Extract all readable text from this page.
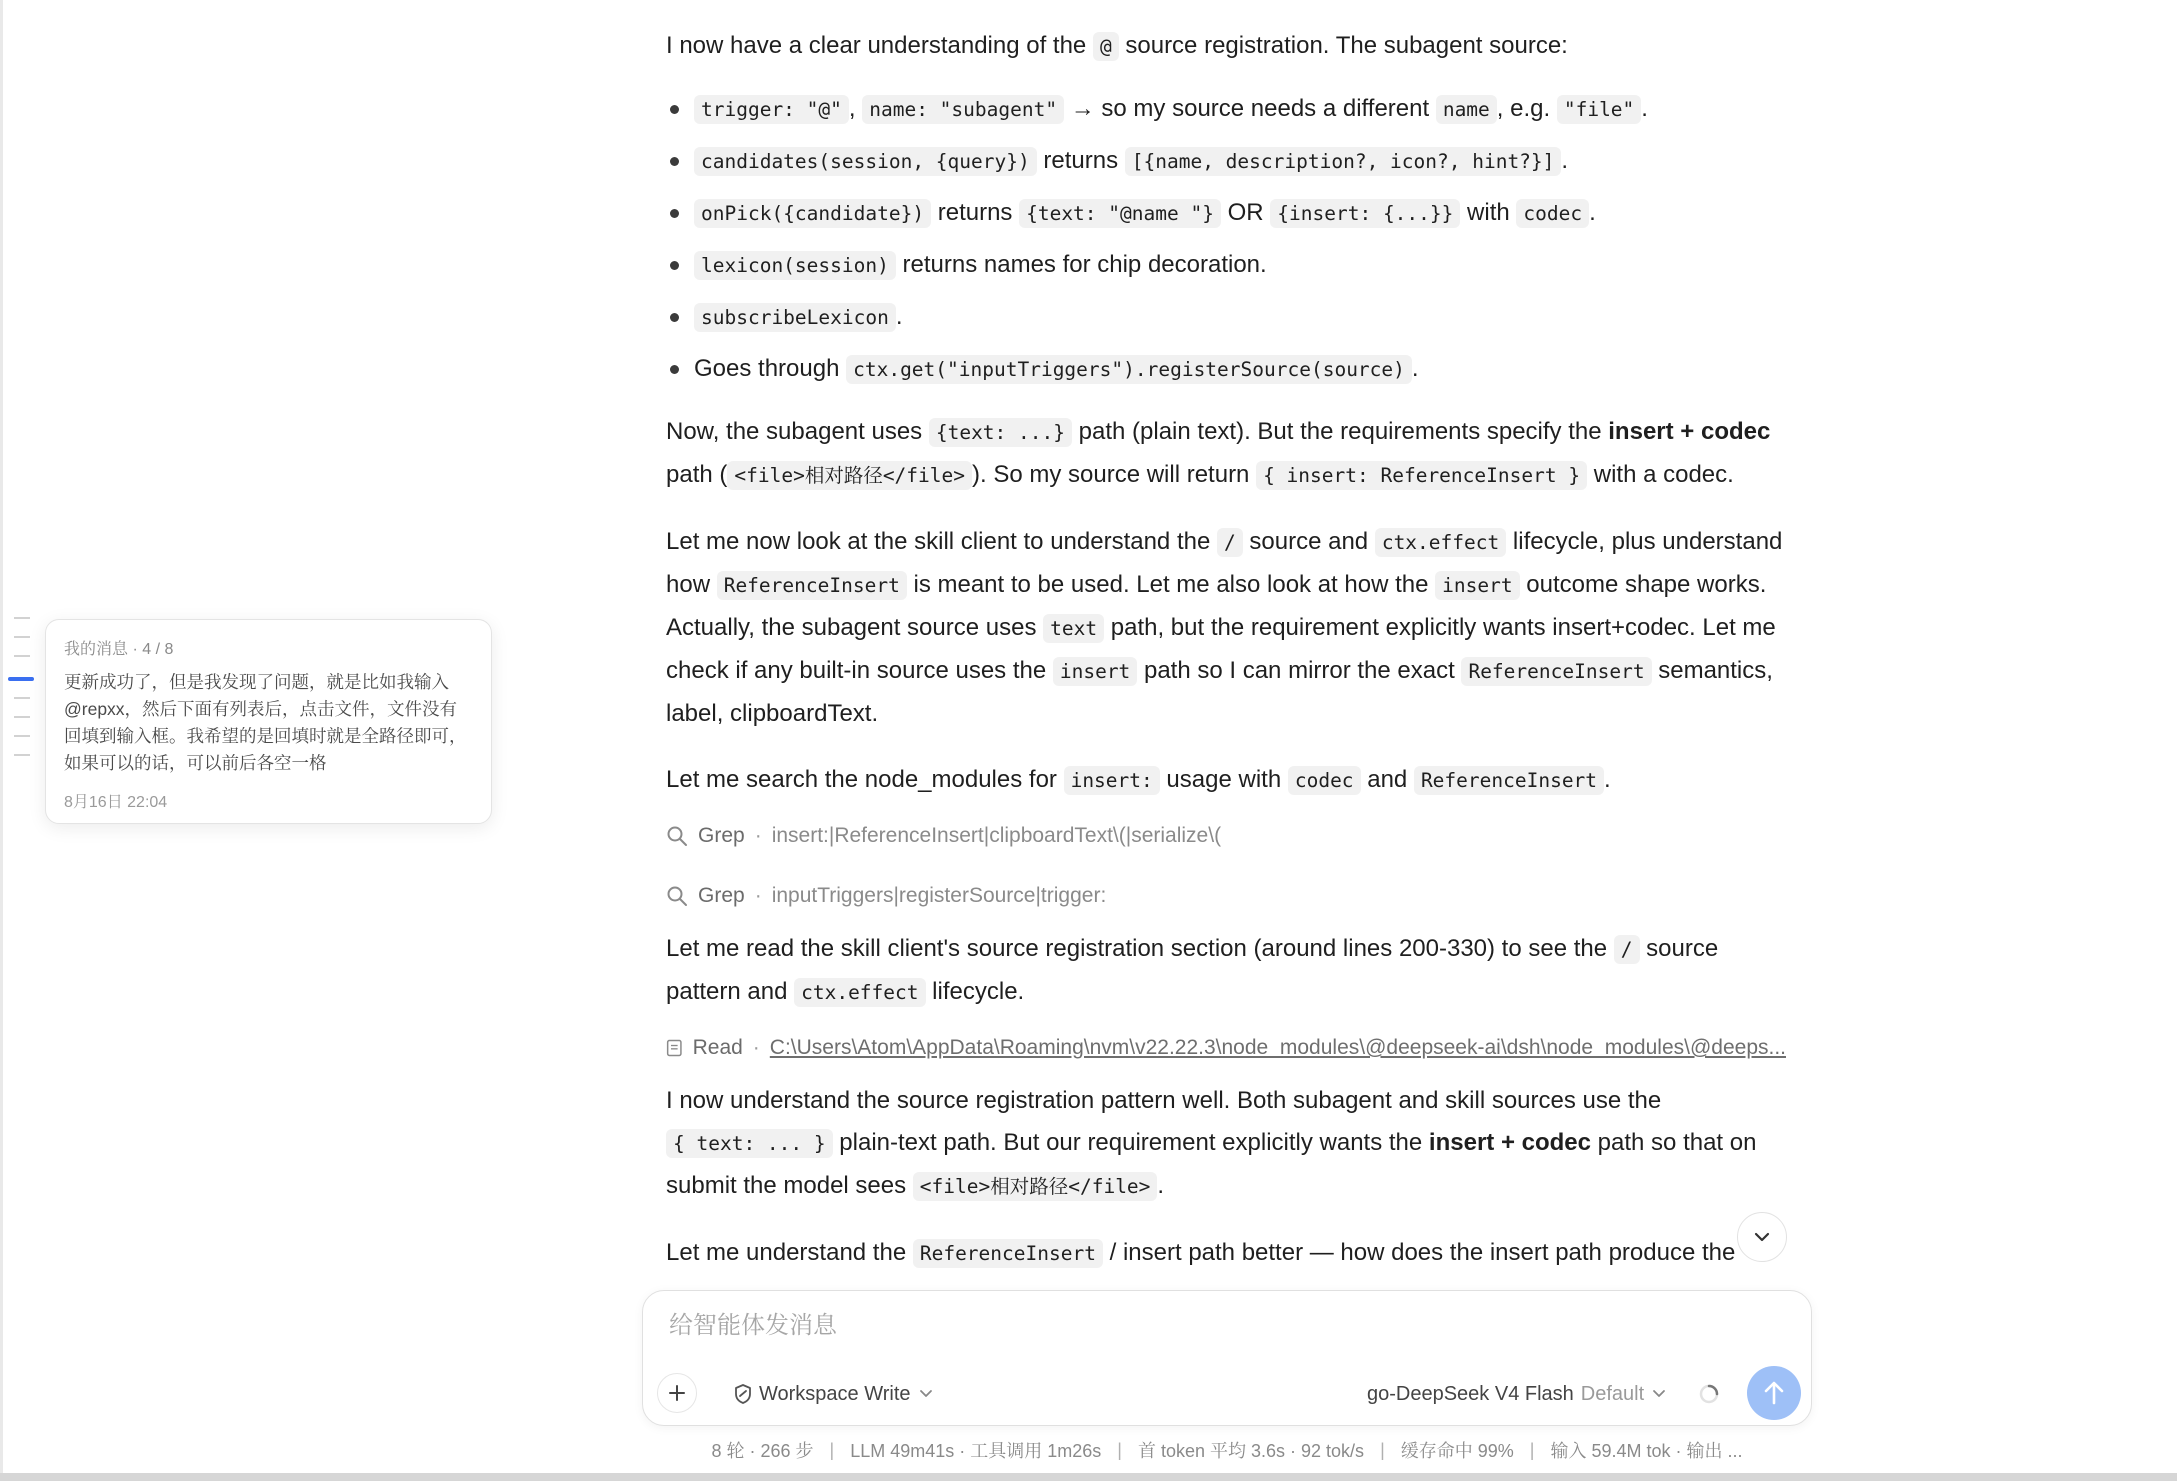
我的消息 · 4 / 8
更新成功了，但是我发现了问题，就是比如我输入@repxx，然后下面有列表后，点击文件，文件没有回填到输入框。我希望的是回填时就是全路径即可，如果可以的话，可以前后各空一格
8月16日 22:04

I now have a clear understanding of the @ source registration. The subagent source:

trigger: "@" , name: "subagent" → so my source needs a different name , e.g. "file" .
candidates(session, {query}) returns [{name, description?, icon?, hint?}] .
onPick({candidate}) returns {text: "@name "} OR {insert: {...}} with codec .
lexicon(session) returns names for chip decoration.
subscribeLexicon .
Goes through ctx.get("inputTriggers").registerSource(source) .

Now, the subagent uses {text: ...} path (plain text). But the requirements specify the insert + codec

path ( <file>相对路径</file> ). So my source will return { insert: ReferenceInsert } with a codec.

Let me now look at the skill client to understand the / source and ctx.effect lifecycle, plus understand

how ReferenceInsert is meant to be used. Let me also look at how the insert outcome shape works.

Actually, the subagent source uses text path, but the requirement explicitly wants insert+codec. Let me

check if any built-in source uses the insert path so I can mirror the exact ReferenceInsert semantics,

label, clipboardText.

Let me search the node_modules for insert: usage with codec and ReferenceInsert .

Grep · insert:|ReferenceInsert|clipboardText\(|serialize\(
Grep · inputTriggers|registerSource|trigger:

Let me read the skill client's source registration section (around lines 200-330) to see the / source

pattern and ctx.effect lifecycle.

Read · C:\Users\Atom\AppData\Roaming\nvm\v22.22.3\node_modules\@deepseek-ai\dsh\node_modules\@deeps...

I now understand the source registration pattern well. Both subagent and skill sources use the

{ text: ... } plain-text path. But our requirement explicitly wants the insert + codec path so that on

submit the model sees <file>相对路径</file> .

Let me understand the ReferenceInsert / insert path better — how does the insert path produce the

给智能体发消息
Workspace Write	go-DeepSeek V4 Flash Default
8 轮 · 266 步 | LLM 49m41s · 工具调用 1m26s | 首 token 平均 3.6s · 92 tok/s | 缓存命中 99% | 输入 59.4M tok · 输出 ...
